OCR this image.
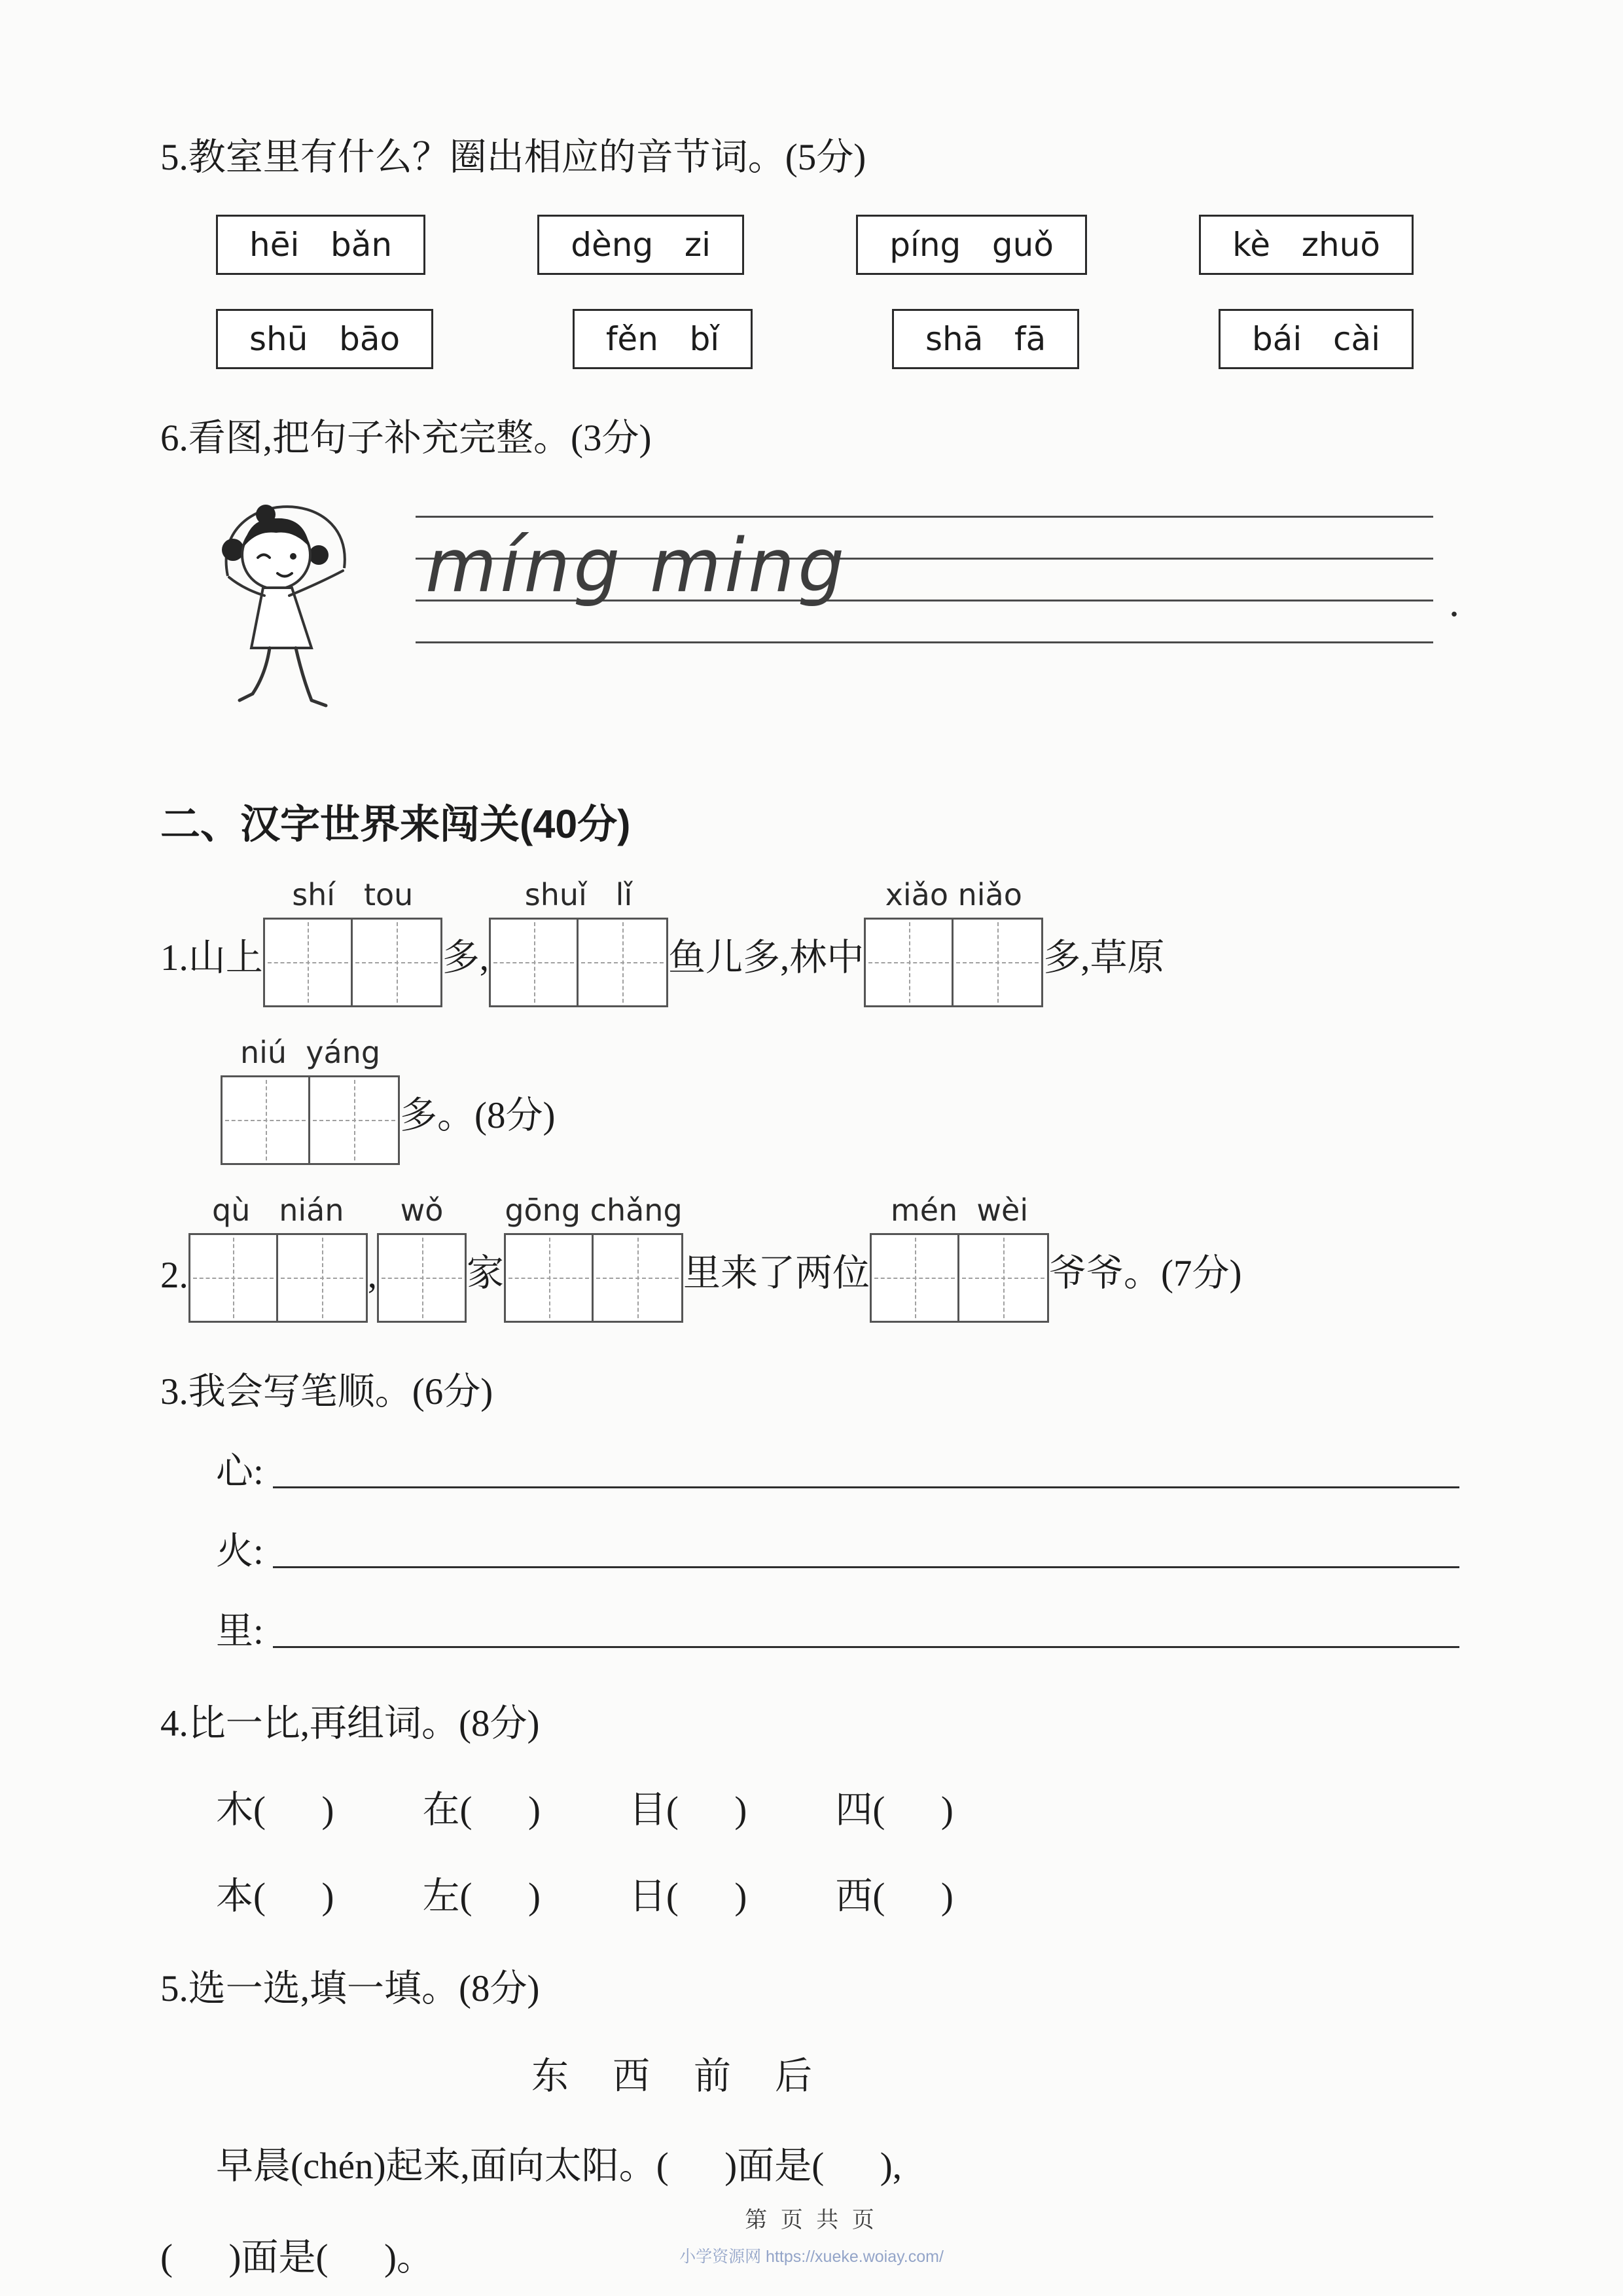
5.教室里有什么？圈出相应的音节词。(5分)
hēi   bǎn	dèng   zi	píng   guǒ	kè   zhuō
shū   bāo	fěn   bǐ	shā   fā	bái   cài
6.看图,把句子补充完整。(3分)
míng ming	.
二、汉字世界来闯关(40分)
1.山上
shí   tou
多,
shuǐ   lǐ
鱼儿多,林中
xiǎo niǎo
多,草原
niú  yáng
多。(8分)
2.
qù   nián
,
wǒ
家
gōng chǎng
里来了两位
mén  wèi
爷爷。(7分)
3.我会写笔顺。(6分)
心:
火:
里:
4.比一比,再组词。(8分)
木(      ) 在(      ) 目(      ) 四(      )
本(      ) 左(      ) 日(      ) 西(      )
5.选一选,填一填。(8分)
东    西    前    后
早晨(chén)起来,面向太阳。(      )面是(      ),
(      )面是(      )。
第 页 共 页
小学资源网 https://xueke.woiay.com/
